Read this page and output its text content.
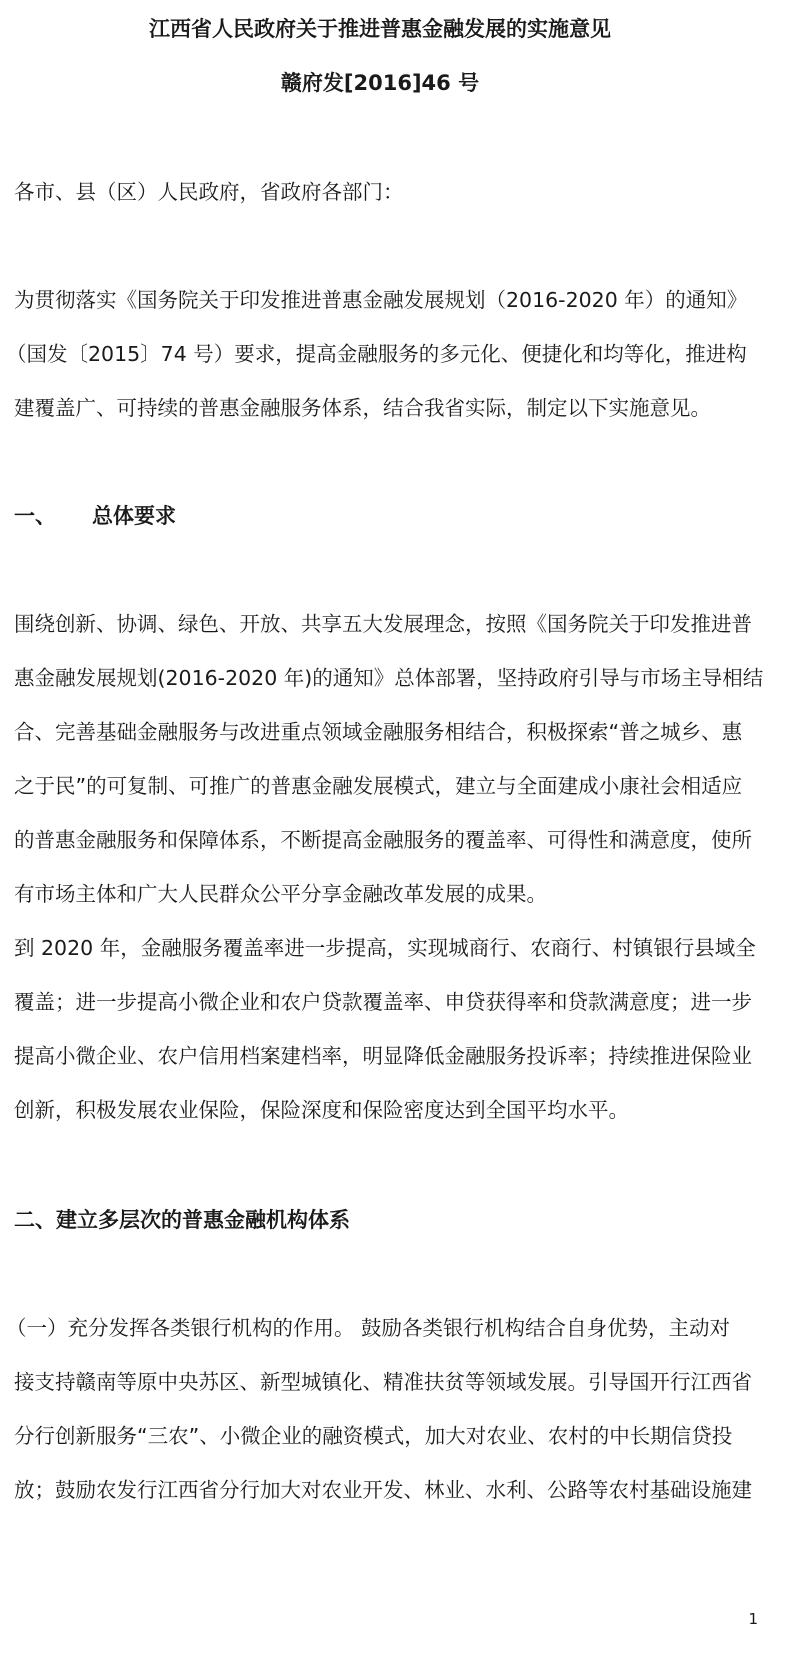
江西省人民政府关于推进普惠金融发展的实施意见
赣府发[2016]46 号
各市、县（区）人民政府，省政府各部门：
为贯彻落实《国务院关于印发推进普惠金融发展规划（2016-2020 年）的通知》
（国发〔2015〕74 号）要求，提高金融服务的多元化、便捷化和均等化，推进构
建覆盖广、可持续的普惠金融服务体系，结合我省实际，制定以下实施意见。
一、 总体要求
围绕创新、协调、绿色、开放、共享五大发展理念，按照《国务院关于印发推进普
惠金融发展规划(2016-2020 年)的通知》总体部署，坚持政府引导与市场主导相结
合、完善基础金融服务与改进重点领域金融服务相结合，积极探索“普之城乡、惠
之于民”的可复制、可推广的普惠金融发展模式，建立与全面建成小康社会相适应
的普惠金融服务和保障体系，不断提高金融服务的覆盖率、可得性和满意度，使所
有市场主体和广大人民群众公平分享金融改革发展的成果。
到 2020 年，金融服务覆盖率进一步提高，实现城商行、农商行、村镇银行县域全
覆盖；进一步提高小微企业和农户贷款覆盖率、申贷获得率和贷款满意度；进一步
提高小微企业、农户信用档案建档率，明显降低金融服务投诉率；持续推进保险业
创新，积极发展农业保险，保险深度和保险密度达到全国平均水平。
二、建立多层次的普惠金融机构体系
（一）充分发挥各类银行机构的作用。 鼓励各类银行机构结合自身优势，主动对
接支持赣南等原中央苏区、新型城镇化、精准扶贫等领域发展。引导国开行江西省
分行创新服务“三农”、小微企业的融资模式，加大对农业、农村的中长期信贷投
放；鼓励农发行江西省分行加大对农业开发、林业、水利、公路等农村基础设施建
1
